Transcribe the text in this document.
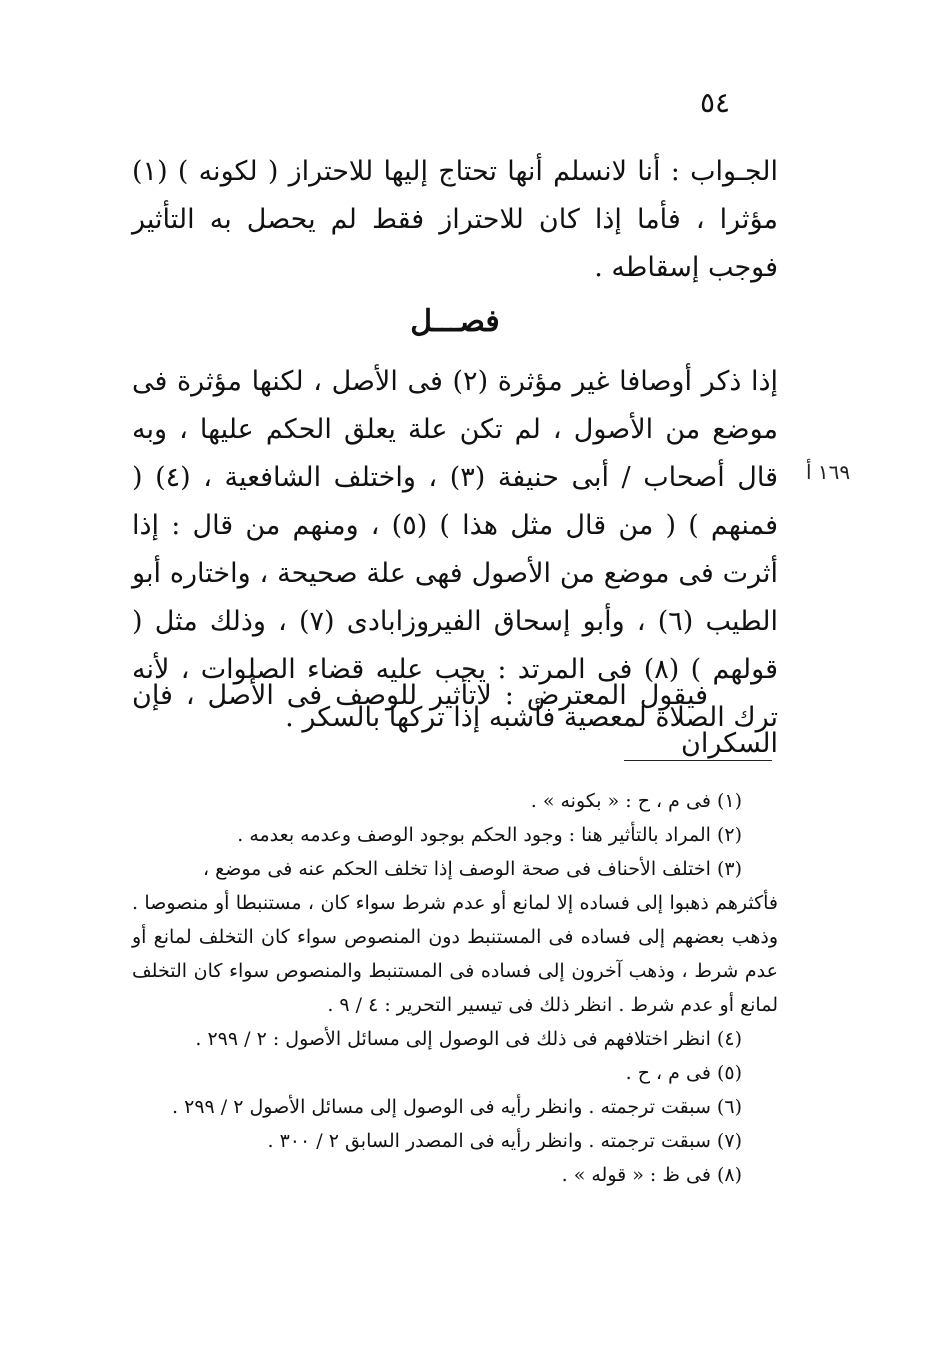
٥٤

الجـواب : أنا لانسلم أنها تحتاج إليها للاحتراز ( لكونه ) (١) مؤثرا ، فأما إذا كان للاحتراز فقط لم يحصل به التأثير فوجب إسقاطه .

فصـــل

إذا ذكر أوصافا غير مؤثرة (٢) فى الأصل ، لكنها مؤثرة فى موضع من الأصول ، لم تكن علة يعلق الحكم عليها ، وبه قال أصحاب / أبى حنيفة (٣) ، واختلف الشافعية ، (٤) ( فمنهم ) ( من قال مثل هذا ) (٥) ، ومنهم من قال : إذا أثرت فى موضع من الأصول فهى علة صحيحة ، واختاره أبو الطيب (٦) ، وأبو إسحاق الفيروزابادى (٧) ، وذلك مثل ( قولهم ) (٨) فى المرتد : يجب عليه قضاء الصلوات ، لأنه ترك الصلاة لمعصية فأشبه إذا تركها بالسكر .

١٦٩ أ

فيقول المعترض : لاتأثير للوصف فى الأصل ، فإن السكران

(١) فى م ، ح : « بكونه » .

(٢) المراد بالتأثير هنا : وجود الحكم بوجود الوصف وعدمه بعدمه .

(٣) اختلف الأحناف فى صحة الوصف إذا تخلف الحكم عنه فى موضع ،

فأكثرهم ذهبوا إلى فساده إلا لمانع أو عدم شرط سواء كان ، مستنبطا أو منصوصا . وذهب بعضهم إلى فساده فى المستنبط دون المنصوص سواء كان التخلف لمانع أو عدم شرط ، وذهب آخرون إلى فساده فى المستنبط والمنصوص سواء كان التخلف لمانع أو عدم شرط . انظر ذلك فى تيسير التحرير : ٤ / ٩ .

(٤) انظر اختلافهم فى ذلك فى الوصول إلى مسائل الأصول : ٢ / ٢٩٩ .

(٥) فى م ، ح .

(٦) سبقت ترجمته . وانظر رأيه فى الوصول إلى مسائل الأصول ٢ / ٢٩٩ .

(٧) سبقت ترجمته . وانظر رأيه فى المصدر السابق ٢ / ٣٠٠ .

(٨) فى ظ : « قوله » .
